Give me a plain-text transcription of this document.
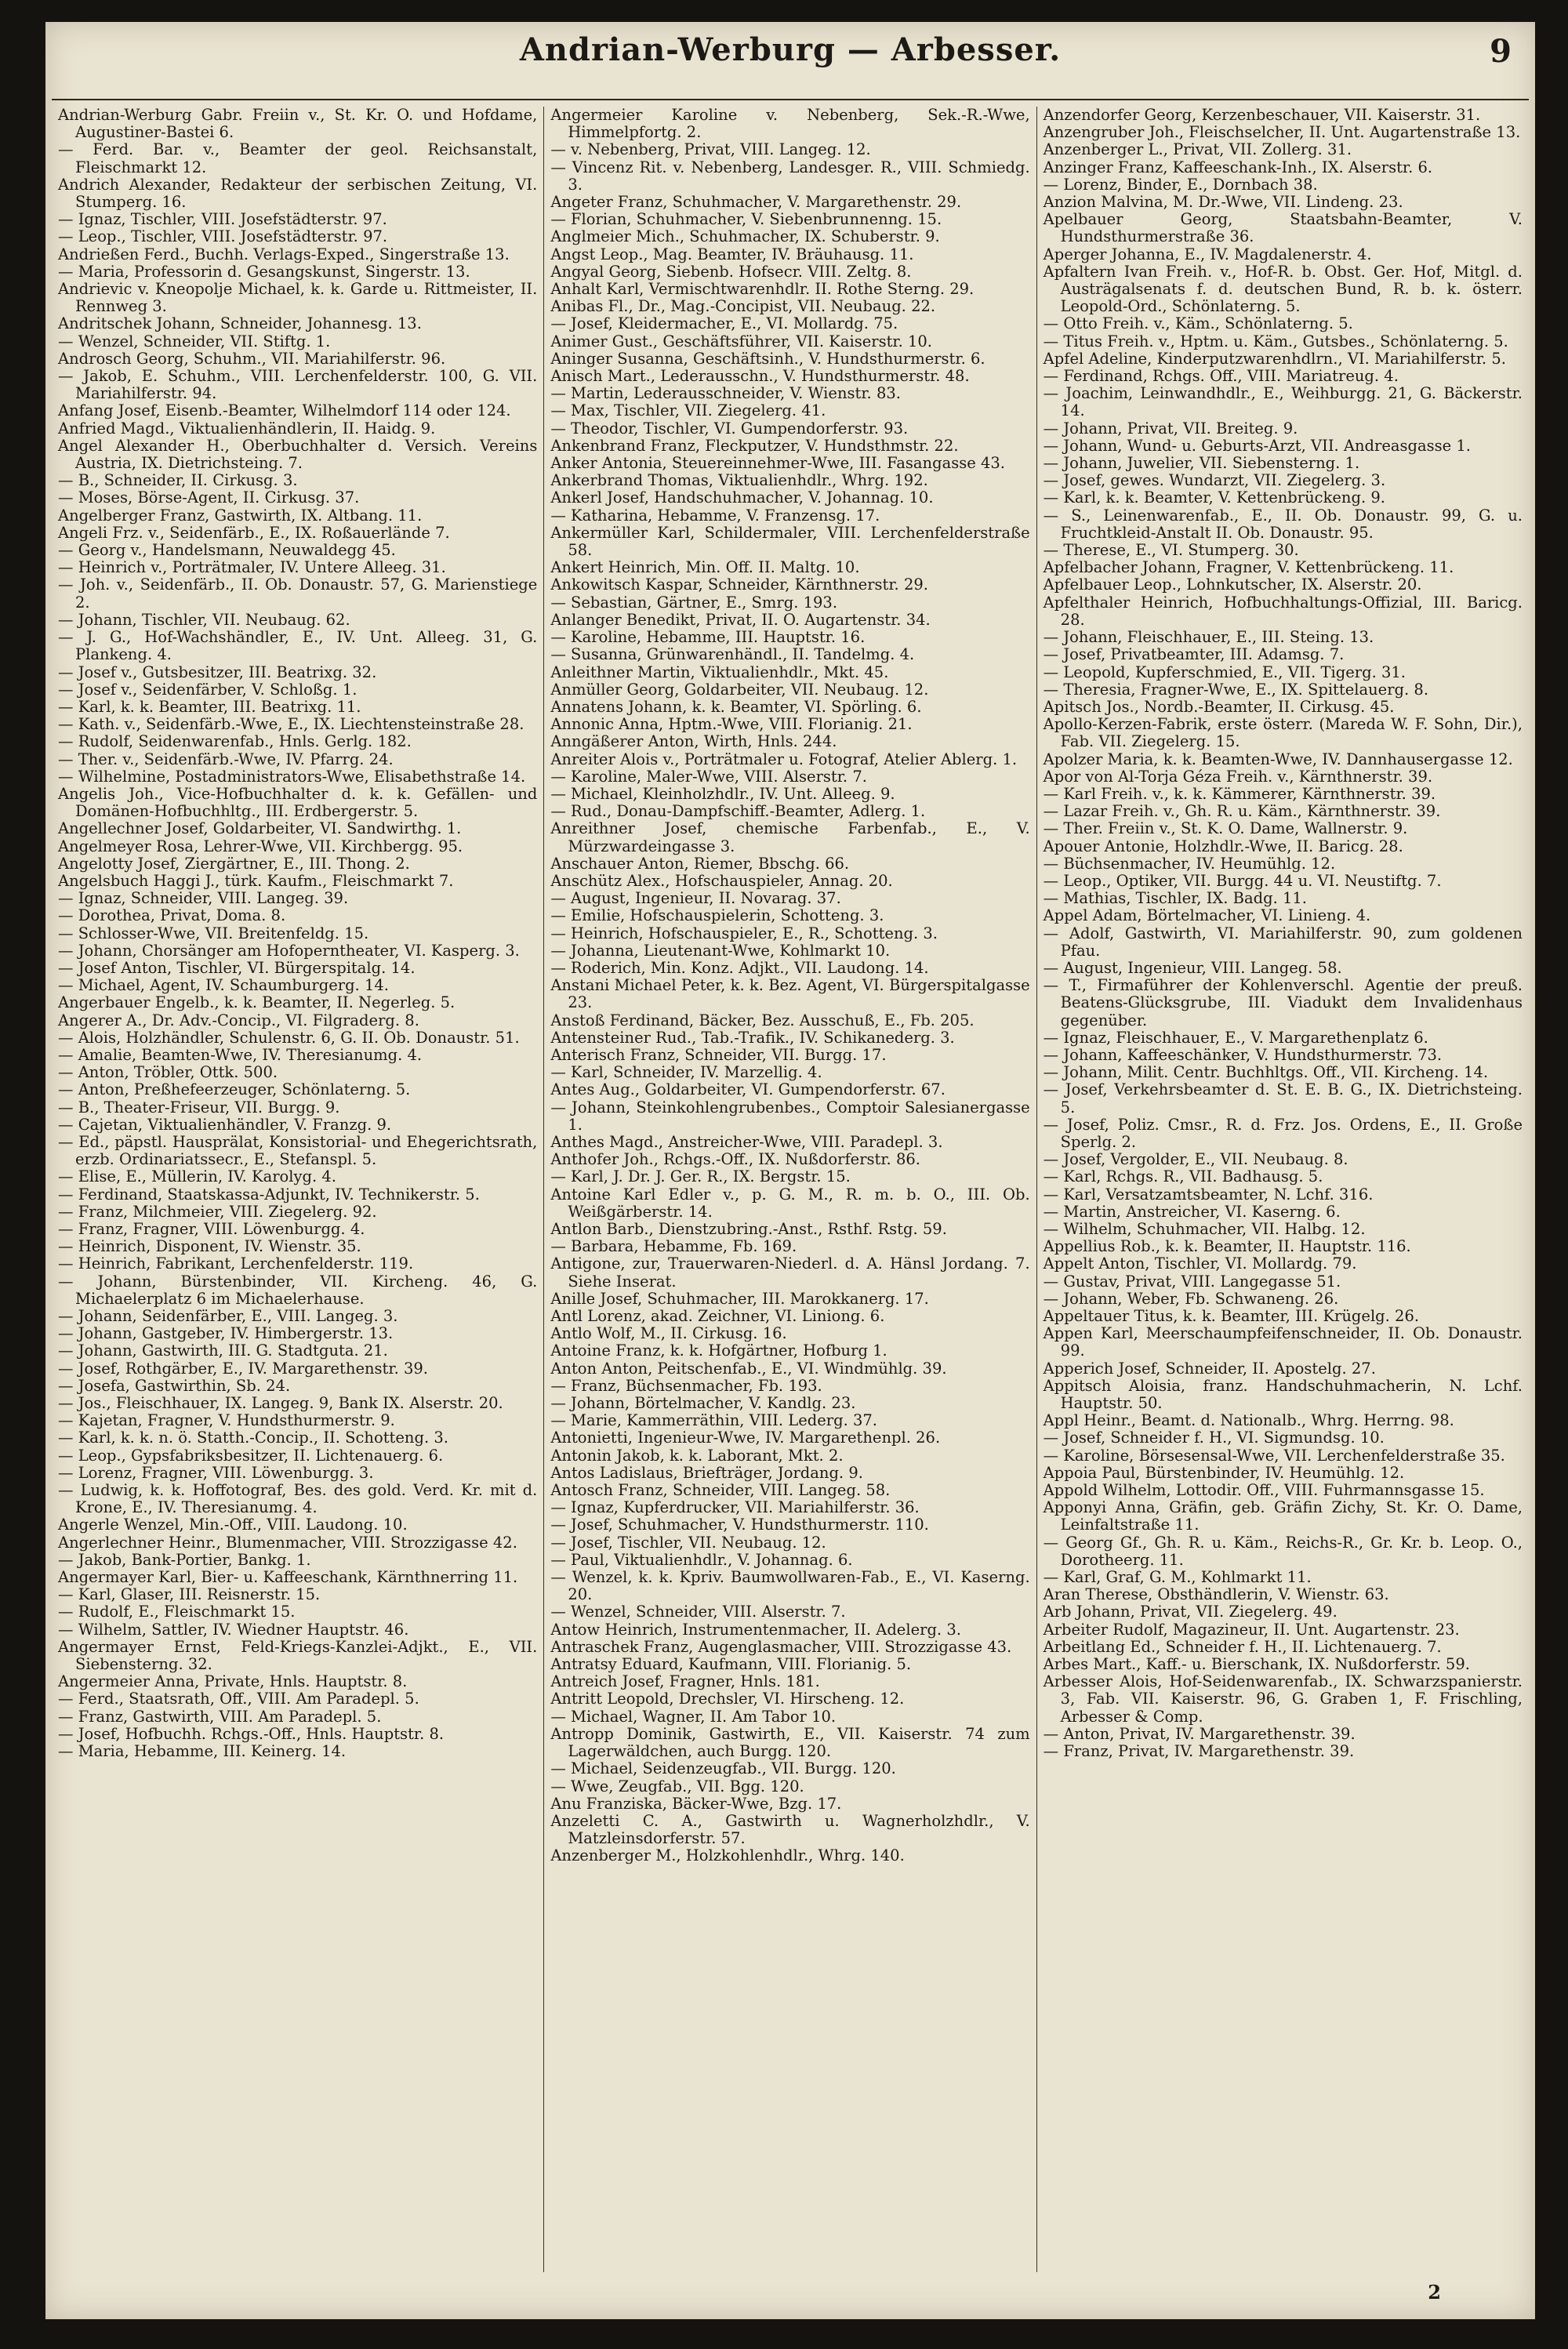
Andrian-Werburg — Arbesser.	9
Andrian-Werburg Gabr. Freiin v., St. Kr. O. und Hofdame, Augustiner-Bastei 6.
— Ferd. Bar. v., Beamter der geol. Reichsanstalt, Fleischmarkt 12.
Andrich Alexander, Redakteur der serbischen Zeitung, VI. Stumperg. 16.
— Ignaz, Tischler, VIII. Josefstädterstr. 97.
— Leop., Tischler, VIII. Josefstädterstr. 97.
Andrießen Ferd., Buchh. Verlags-Exped., Singerstraße 13.
— Maria, Professorin d. Gesangskunst, Singerstr. 13.
Andrievic v. Kneopolje Michael, k. k. Garde u. Rittmeister, II. Rennweg 3.
Andritschek Johann, Schneider, Johannesg. 13.
— Wenzel, Schneider, VII. Stiftg. 1.
Androsch Georg, Schuhm., VII. Mariahilferstr. 96.
— Jakob, E. Schuhm., VIII. Lerchenfelderstr. 100, G. VII. Mariahilferstr. 94.
Anfang Josef, Eisenb.-Beamter, Wilhelmdorf 114 oder 124.
Anfried Magd., Viktualienhändlerin, II. Haidg. 9.
Angel Alexander H., Oberbuchhalter d. Versich. Vereins Austria, IX. Dietrichsteing. 7.
— B., Schneider, II. Cirkusg. 3.
— Moses, Börse-Agent, II. Cirkusg. 37.
Angelberger Franz, Gastwirth, IX. Altbang. 11.
Angeli Frz. v., Seidenfärb., E., IX. Roßauerlände 7.
— Georg v., Handelsmann, Neuwaldegg 45.
— Heinrich v., Porträtmaler, IV. Untere Alleeg. 31.
— Joh. v., Seidenfärb., II. Ob. Donaustr. 57, G. Marienstiege 2.
— Johann, Tischler, VII. Neubaug. 62.
— J. G., Hof-Wachshändler, E., IV. Unt. Alleeg. 31, G. Plankeng. 4.
— Josef v., Gutsbesitzer, III. Beatrixg. 32.
— Josef v., Seidenfärber, V. Schloßg. 1.
— Karl, k. k. Beamter, III. Beatrixg. 11.
— Kath. v., Seidenfärb.-Wwe, E., IX. Liechtensteinstraße 28.
— Rudolf, Seidenwarenfab., Hnls. Gerlg. 182.
— Ther. v., Seidenfärb.-Wwe, IV. Pfarrg. 24.
— Wilhelmine, Postadministrators-Wwe, Elisabethstraße 14.
Angelis Joh., Vice-Hofbuchhalter d. k. k. Gefällen- und Domänen-Hofbuchhltg., III. Erdbergerstr. 5.
Angellechner Josef, Goldarbeiter, VI. Sandwirthg. 1.
Angelmeyer Rosa, Lehrer-Wwe, VII. Kirchbergg. 95.
Angelotty Josef, Ziergärtner, E., III. Thong. 2.
Angelsbuch Haggi J., türk. Kaufm., Fleischmarkt 7.
— Ignaz, Schneider, VIII. Langeg. 39.
— Dorothea, Privat, Doma. 8.
— Schlosser-Wwe, VII. Breitenfeldg. 15.
— Johann, Chorsänger am Hofoperntheater, VI. Kasperg. 3.
— Josef Anton, Tischler, VI. Bürgerspitalg. 14.
— Michael, Agent, IV. Schaumburgerg. 14.
Angerbauer Engelb., k. k. Beamter, II. Negerleg. 5.
Angerer A., Dr. Adv.-Concip., VI. Filgraderg. 8.
— Alois, Holzhändler, Schulenstr. 6, G. II. Ob. Donaustr. 51.
— Amalie, Beamten-Wwe, IV. Theresianumg. 4.
— Anton, Tröbler, Ottk. 500.
— Anton, Preßhefeerzeuger, Schönlaterng. 5.
— B., Theater-Friseur, VII. Burgg. 9.
— Cajetan, Viktualienhändler, V. Franzg. 9.
— Ed., päpstl. Hausprälat, Konsistorial- und Ehegerichtsrath, erzb. Ordinariatssecr., E., Stefanspl. 5.
— Elise, E., Müllerin, IV. Karolyg. 4.
— Ferdinand, Staatskassa-Adjunkt, IV. Technikerstr. 5.
— Franz, Milchmeier, VIII. Ziegelerg. 92.
— Franz, Fragner, VIII. Löwenburgg. 4.
— Heinrich, Disponent, IV. Wienstr. 35.
— Heinrich, Fabrikant, Lerchenfelderstr. 119.
— Johann, Bürstenbinder, VII. Kircheng. 46, G. Michaelerplatz 6 im Michaelerhause.
— Johann, Seidenfärber, E., VIII. Langeg. 3.
— Johann, Gastgeber, IV. Himbergerstr. 13.
— Johann, Gastwirth, III. G. Stadtguta. 21.
— Josef, Rothgärber, E., IV. Margarethenstr. 39.
— Josefa, Gastwirthin, Sb. 24.
— Jos., Fleischhauer, IX. Langeg. 9, Bank IX. Alserstr. 20.
— Kajetan, Fragner, V. Hundsthurmerstr. 9.
— Karl, k. k. n. ö. Statth.-Concip., II. Schotteng. 3.
— Leop., Gypsfabriksbesitzer, II. Lichtenauerg. 6.
— Lorenz, Fragner, VIII. Löwenburgg. 3.
— Ludwig, k. k. Hoffotograf, Bes. des gold. Verd. Kr. mit d. Krone, E., IV. Theresianumg. 4.
Angerle Wenzel, Min.-Off., VIII. Laudong. 10.
Angerlechner Heinr., Blumenmacher, VIII. Strozzigasse 42.
— Jakob, Bank-Portier, Bankg. 1.
Angermayer Karl, Bier- u. Kaffeeschank, Kärnthnerring 11.
— Karl, Glaser, III. Reisnerstr. 15.
— Rudolf, E., Fleischmarkt 15.
— Wilhelm, Sattler, IV. Wiedner Hauptstr. 46.
Angermayer Ernst, Feld-Kriegs-Kanzlei-Adjkt., E., VII. Siebensterng. 32.
Angermeier Anna, Private, Hnls. Hauptstr. 8.
— Ferd., Staatsrath, Off., VIII. Am Paradepl. 5.
— Franz, Gastwirth, VIII. Am Paradepl. 5.
— Josef, Hofbuchh. Rchgs.-Off., Hnls. Hauptstr. 8.
— Maria, Hebamme, III. Keinerg. 14.
Angermeier Karoline v. Nebenberg, Sek.-R.-Wwe, Himmelpfortg. 2.
— v. Nebenberg, Privat, VIII. Langeg. 12.
— Vincenz Rit. v. Nebenberg, Landesger. R., VIII. Schmiedg. 3.
Angeter Franz, Schuhmacher, V. Margarethenstr. 29.
— Florian, Schuhmacher, V. Siebenbrunnenng. 15.
Anglmeier Mich., Schuhmacher, IX. Schuberstr. 9.
Angst Leop., Mag. Beamter, IV. Bräuhausg. 11.
Angyal Georg, Siebenb. Hofsecr. VIII. Zeltg. 8.
Anhalt Karl, Vermischtwarenhdlr. II. Rothe Sterng. 29.
Anibas Fl., Dr., Mag.-Concipist, VII. Neubaug. 22.
— Josef, Kleidermacher, E., VI. Mollardg. 75.
Animer Gust., Geschäftsführer, VII. Kaiserstr. 10.
Aninger Susanna, Geschäftsinh., V. Hundsthurmerstr. 6.
Anisch Mart., Lederausschn., V. Hundsthurmerstr. 48.
— Martin, Lederausschneider, V. Wienstr. 83.
— Max, Tischler, VII. Ziegelerg. 41.
— Theodor, Tischler, VI. Gumpendorferstr. 93.
Ankenbrand Franz, Fleckputzer, V. Hundsthmstr. 22.
Anker Antonia, Steuereinnehmer-Wwe, III. Fasangasse 43.
Ankerbrand Thomas, Viktualienhdlr., Whrg. 192.
Ankerl Josef, Handschuhmacher, V. Johannag. 10.
— Katharina, Hebamme, V. Franzensg. 17.
Ankermüller Karl, Schildermaler, VIII. Lerchenfelderstraße 58.
Ankert Heinrich, Min. Off. II. Maltg. 10.
Ankowitsch Kaspar, Schneider, Kärnthnerstr. 29.
— Sebastian, Gärtner, E., Smrg. 193.
Anlanger Benedikt, Privat, II. O. Augartenstr. 34.
— Karoline, Hebamme, III. Hauptstr. 16.
— Susanna, Grünwarenhändl., II. Tandelmg. 4.
Anleithner Martin, Viktualienhdlr., Mkt. 45.
Anmüller Georg, Goldarbeiter, VII. Neubaug. 12.
Annatens Johann, k. k. Beamter, VI. Spörling. 6.
Annonic Anna, Hptm.-Wwe, VIII. Florianig. 21.
Anngäßerer Anton, Wirth, Hnls. 244.
Anreiter Alois v., Porträtmaler u. Fotograf, Atelier Ablerg. 1.
— Karoline, Maler-Wwe, VIII. Alserstr. 7.
— Michael, Kleinholzhdlr., IV. Unt. Alleeg. 9.
— Rud., Donau-Dampfschiff.-Beamter, Adlerg. 1.
Anreithner Josef, chemische Farbenfab., E., V. Mürzwardeingasse 3.
Anschauer Anton, Riemer, Bbschg. 66.
Anschütz Alex., Hofschauspieler, Annag. 20.
— August, Ingenieur, II. Novarag. 37.
— Emilie, Hofschauspielerin, Schotteng. 3.
— Heinrich, Hofschauspieler, E., R., Schotteng. 3.
— Johanna, Lieutenant-Wwe, Kohlmarkt 10.
— Roderich, Min. Konz. Adjkt., VII. Laudong. 14.
Anstani Michael Peter, k. k. Bez. Agent, VI. Bürgerspitalgasse 23.
Anstoß Ferdinand, Bäcker, Bez. Ausschuß, E., Fb. 205.
Antensteiner Rud., Tab.-Trafik., IV. Schikanederg. 3.
Anterisch Franz, Schneider, VII. Burgg. 17.
— Karl, Schneider, IV. Marzellig. 4.
Antes Aug., Goldarbeiter, VI. Gumpendorferstr. 67.
— Johann, Steinkohlengrubenbes., Comptoir Salesianergasse 1.
Anthes Magd., Anstreicher-Wwe, VIII. Paradepl. 3.
Anthofer Joh., Rchgs.-Off., IX. Nußdorferstr. 86.
— Karl, J. Dr. J. Ger. R., IX. Bergstr. 15.
Antoine Karl Edler v., p. G. M., R. m. b. O., III. Ob. Weißgärberstr. 14.
Antlon Barb., Dienstzubring.-Anst., Rsthf. Rstg. 59.
— Barbara, Hebamme, Fb. 169.
Antigone, zur, Trauerwaren-Niederl. d. A. Hänsl Jordang. 7. Siehe Inserat.
Anille Josef, Schuhmacher, III. Marokkanerg. 17.
Antl Lorenz, akad. Zeichner, VI. Liniong. 6.
Antlo Wolf, M., II. Cirkusg. 16.
Antoine Franz, k. k. Hofgärtner, Hofburg 1.
Anton Anton, Peitschenfab., E., VI. Windmühlg. 39.
— Franz, Büchsenmacher, Fb. 193.
— Johann, Börtelmacher, V. Kandlg. 23.
— Marie, Kammerräthin, VIII. Lederg. 37.
Antonietti, Ingenieur-Wwe, IV. Margarethenpl. 26.
Antonin Jakob, k. k. Laborant, Mkt. 2.
Antos Ladislaus, Briefträger, Jordang. 9.
Antosch Franz, Schneider, VIII. Langeg. 58.
— Ignaz, Kupferdrucker, VII. Mariahilferstr. 36.
— Josef, Schuhmacher, V. Hundsthurmerstr. 110.
— Josef, Tischler, VII. Neubaug. 12.
— Paul, Viktualienhdlr., V. Johannag. 6.
— Wenzel, k. k. Kpriv. Baumwollwaren-Fab., E., VI. Kaserng. 20.
— Wenzel, Schneider, VIII. Alserstr. 7.
Antow Heinrich, Instrumentenmacher, II. Adelerg. 3.
Antraschek Franz, Augenglasmacher, VIII. Strozzigasse 43.
Antratsy Eduard, Kaufmann, VIII. Florianig. 5.
Antreich Josef, Fragner, Hnls. 181.
Antritt Leopold, Drechsler, VI. Hirscheng. 12.
— Michael, Wagner, II. Am Tabor 10.
Antropp Dominik, Gastwirth, E., VII. Kaiserstr. 74 zum Lagerwäldchen, auch Burgg. 120.
— Michael, Seidenzeugfab., VII. Burgg. 120.
— Wwe, Zeugfab., VII. Bgg. 120.
Anu Franziska, Bäcker-Wwe, Bzg. 17.
Anzeletti C. A., Gastwirth u. Wagnerholzhdlr., V. Matzleinsdorferstr. 57.
Anzenberger M., Holzkohlenhdlr., Whrg. 140.
Anzendorfer Georg, Kerzenbeschauer, VII. Kaiserstr. 31.
Anzengruber Joh., Fleischselcher, II. Unt. Augartenstraße 13.
Anzenberger L., Privat, VII. Zollerg. 31.
Anzinger Franz, Kaffeeschank-Inh., IX. Alserstr. 6.
— Lorenz, Binder, E., Dornbach 38.
Anzion Malvina, M. Dr.-Wwe, VII. Lindeng. 23.
Apelbauer Georg, Staatsbahn-Beamter, V. Hundsthurmerstraße 36.
Aperger Johanna, E., IV. Magdalenerstr. 4.
Apfaltern Ivan Freih. v., Hof-R. b. Obst. Ger. Hof, Mitgl. d. Austrägalsenats f. d. deutschen Bund, R. b. k. österr. Leopold-Ord., Schönlaterng. 5.
— Otto Freih. v., Käm., Schönlaterng. 5.
— Titus Freih. v., Hptm. u. Käm., Gutsbes., Schönlaterng. 5.
Apfel Adeline, Kinderputzwarenhdlrn., VI. Mariahilferstr. 5.
— Ferdinand, Rchgs. Off., VIII. Mariatreug. 4.
— Joachim, Leinwandhdlr., E., Weihburgg. 21, G. Bäckerstr. 14.
— Johann, Privat, VII. Breiteg. 9.
— Johann, Wund- u. Geburts-Arzt, VII. Andreasgasse 1.
— Johann, Juwelier, VII. Siebensterng. 1.
— Josef, gewes. Wundarzt, VII. Ziegelerg. 3.
— Karl, k. k. Beamter, V. Kettenbrückeng. 9.
— S., Leinenwarenfab., E., II. Ob. Donaustr. 99, G. u. Fruchtkleid-Anstalt II. Ob. Donaustr. 95.
— Therese, E., VI. Stumperg. 30.
Apfelbacher Johann, Fragner, V. Kettenbrückeng. 11.
Apfelbauer Leop., Lohnkutscher, IX. Alserstr. 20.
Apfelthaler Heinrich, Hofbuchhaltungs-Offizial, III. Baricg. 28.
— Johann, Fleischhauer, E., III. Steing. 13.
— Josef, Privatbeamter, III. Adamsg. 7.
— Leopold, Kupferschmied, E., VII. Tigerg. 31.
— Theresia, Fragner-Wwe, E., IX. Spittelauerg. 8.
Apitsch Jos., Nordb.-Beamter, II. Cirkusg. 45.
Apollo-Kerzen-Fabrik, erste österr. (Mareda W. F. Sohn, Dir.), Fab. VII. Ziegelerg. 15.
Apolzer Maria, k. k. Beamten-Wwe, IV. Dannhausergasse 12.
Apor von Al-Torja Géza Freih. v., Kärnthnerstr. 39.
— Karl Freih. v., k. k. Kämmerer, Kärnthnerstr. 39.
— Lazar Freih. v., Gh. R. u. Käm., Kärnthnerstr. 39.
— Ther. Freiin v., St. K. O. Dame, Wallnerstr. 9.
Apouer Antonie, Holzhdlr.-Wwe, II. Baricg. 28.
— Büchsenmacher, IV. Heumühlg. 12.
— Leop., Optiker, VII. Burgg. 44 u. VI. Neustiftg. 7.
— Mathias, Tischler, IX. Badg. 11.
Appel Adam, Börtelmacher, VI. Linieng. 4.
— Adolf, Gastwirth, VI. Mariahilferstr. 90, zum goldenen Pfau.
— August, Ingenieur, VIII. Langeg. 58.
— T., Firmaführer der Kohlenverschl. Agentie der preuß. Beatens-Glücksgrube, III. Viadukt dem Invalidenhaus gegenüber.
— Ignaz, Fleischhauer, E., V. Margarethenplatz 6.
— Johann, Kaffeeschänker, V. Hundsthurmerstr. 73.
— Johann, Milit. Centr. Buchhltgs. Off., VII. Kircheng. 14.
— Josef, Verkehrsbeamter d. St. E. B. G., IX. Dietrichsteing. 5.
— Josef, Poliz. Cmsr., R. d. Frz. Jos. Ordens, E., II. Große Sperlg. 2.
— Josef, Vergolder, E., VII. Neubaug. 8.
— Karl, Rchgs. R., VII. Badhausg. 5.
— Karl, Versatzamtsbeamter, N. Lchf. 316.
— Martin, Anstreicher, VI. Kaserng. 6.
— Wilhelm, Schuhmacher, VII. Halbg. 12.
Appellius Rob., k. k. Beamter, II. Hauptstr. 116.
Appelt Anton, Tischler, VI. Mollardg. 79.
— Gustav, Privat, VIII. Langegasse 51.
— Johann, Weber, Fb. Schwaneng. 26.
Appeltauer Titus, k. k. Beamter, III. Krügelg. 26.
Appen Karl, Meerschaumpfeifenschneider, II. Ob. Donaustr. 99.
Apperich Josef, Schneider, II. Apostelg. 27.
Appitsch Aloisia, franz. Handschuhmacherin, N. Lchf. Hauptstr. 50.
Appl Heinr., Beamt. d. Nationalb., Whrg. Herrng. 98.
— Josef, Schneider f. H., VI. Sigmundsg. 10.
— Karoline, Börsesensal-Wwe, VII. Lerchenfelderstraße 35.
Appoia Paul, Bürstenbinder, IV. Heumühlg. 12.
Appold Wilhelm, Lottodir. Off., VIII. Fuhrmannsgasse 15.
Apponyi Anna, Gräfin, geb. Gräfin Zichy, St. Kr. O. Dame, Leinfaltstraße 11.
— Georg Gf., Gh. R. u. Käm., Reichs-R., Gr. Kr. b. Leop. O., Dorotheerg. 11.
— Karl, Graf, G. M., Kohlmarkt 11.
Aran Therese, Obsthändlerin, V. Wienstr. 63.
Arb Johann, Privat, VII. Ziegelerg. 49.
Arbeiter Rudolf, Magazineur, II. Unt. Augartenstr. 23.
Arbeitlang Ed., Schneider f. H., II. Lichtenauerg. 7.
Arbes Mart., Kaff.- u. Bierschank, IX. Nußdorferstr. 59.
Arbesser Alois, Hof-Seidenwarenfab., IX. Schwarzspanierstr. 3, Fab. VII. Kaiserstr. 96, G. Graben 1, F. Frischling, Arbesser & Comp.
— Anton, Privat, IV. Margarethenstr. 39.
— Franz, Privat, IV. Margarethenstr. 39.
2
